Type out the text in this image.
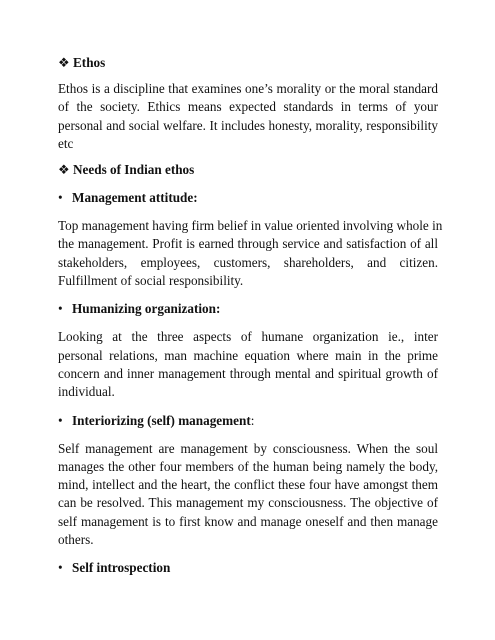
❖ Ethos

Ethos is a discipline that examines one’s morality or the moral standard
of the society. Ethics means expected standards in terms of your
personal and social welfare. It includes honesty, morality, responsibility
etc

❖ Needs of Indian ethos

• Management attitude:

Top management having firm belief in value oriented involving whole in
the management. Profit is earned through service and satisfaction of all
stakeholders, employees, customers, shareholders, and citizen.
Fulfillment of social responsibility.

• Humanizing organization:

Looking at the three aspects of humane organization ie., inter
personal relations, man machine equation where main in the prime
concern and inner management through mental and spiritual growth of
individual.

• Interiorizing (self) management:

Self management are management by consciousness. When the soul
manages the other four members of the human being namely the body,
mind, intellect and the heart, the conflict these four have amongst them
can be resolved. This management my consciousness. The objective of
self management is to first know and manage oneself and then manage
others.

• Self introspection
